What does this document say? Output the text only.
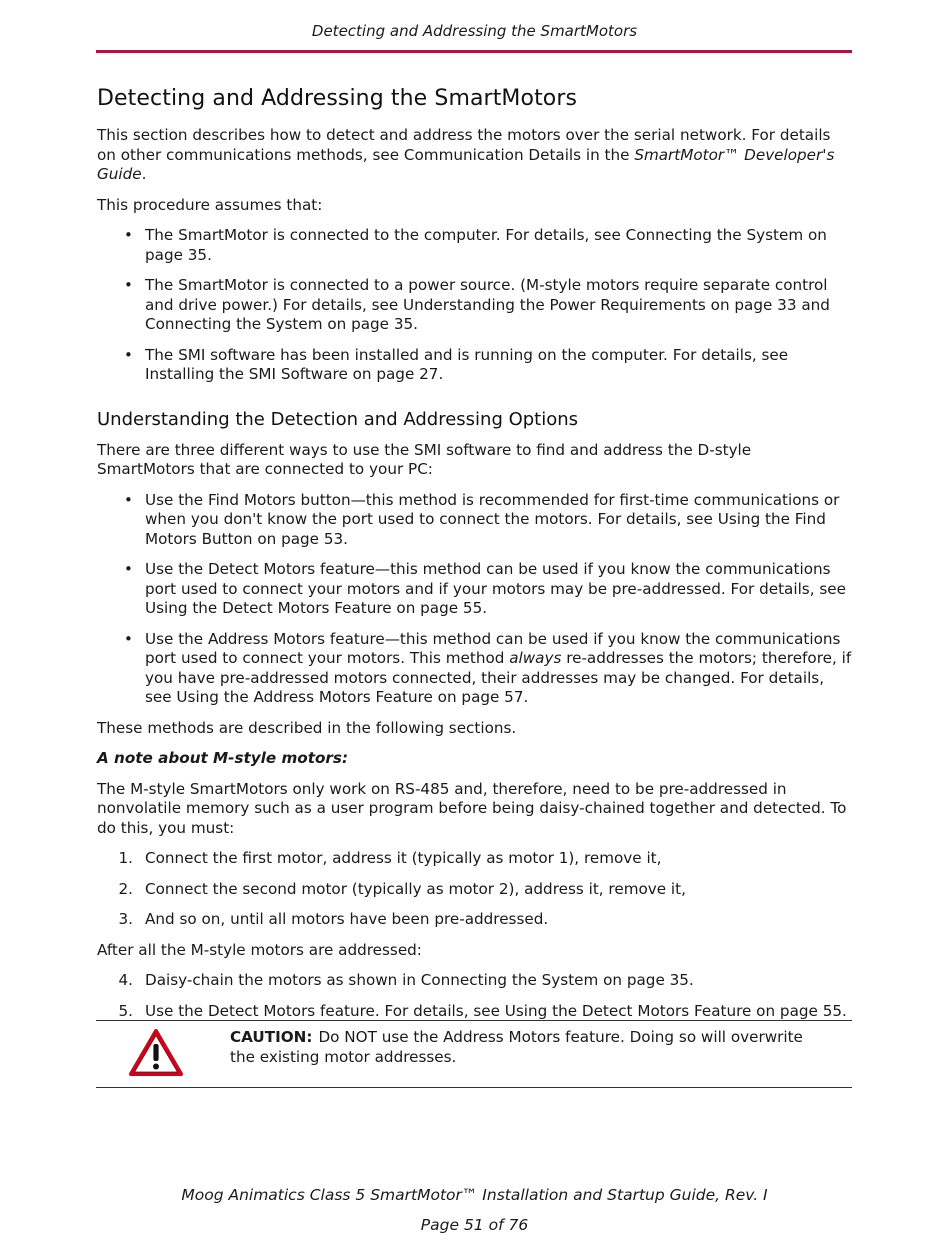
Detecting and Addressing the SmartMotors
Detecting and Addressing the SmartMotors

This section describes how to detect and address the motors over the serial network. For details on other communications methods, see Communication Details in the SmartMotor™ Developer's Guide.

This procedure assumes that:

• The SmartMotor is connected to the computer. For details, see Connecting the System on page 35.
• The SmartMotor is connected to a power source. (M-style motors require separate control and drive power.) For details, see Understanding the Power Requirements on page 33 and Connecting the System on page 35.
• The SMI software has been installed and is running on the computer. For details, see Installing the SMI Software on page 27.
Understanding the Detection and Addressing Options

There are three different ways to use the SMI software to find and address the D-style SmartMotors that are connected to your PC:

• Use the Find Motors button—this method is recommended for first-time communications or when you don't know the port used to connect the motors. For details, see Using the Find Motors Button on page 53.
• Use the Detect Motors feature—this method can be used if you know the communications port used to connect your motors and if your motors may be pre-addressed. For details, see Using the Detect Motors Feature on page 55.
• Use the Address Motors feature—this method can be used if you know the communications port used to connect your motors. This method always re-addresses the motors; therefore, if you have pre-addressed motors connected, their addresses may be changed. For details, see Using the Address Motors Feature on page 57.

These methods are described in the following sections.

A note about M-style motors:

The M-style SmartMotors only work on RS-485 and, therefore, need to be pre-addressed in nonvolatile memory such as a user program before being daisy-chained together and detected. To do this, you must:

1. Connect the first motor, address it (typically as motor 1), remove it,
2. Connect the second motor (typically as motor 2), address it, remove it,
3. And so on, until all motors have been pre-addressed.

After all the M-style motors are addressed:

4. Daisy-chain the motors as shown in Connecting the System on page 35.
5. Use the Detect Motors feature. For details, see Using the Detect Motors Feature on page 55.
CAUTION: Do NOT use the Address Motors feature. Doing so will overwrite the existing motor addresses.
Moog Animatics Class 5 SmartMotor™ Installation and Startup Guide, Rev. I
Page 51 of 76
